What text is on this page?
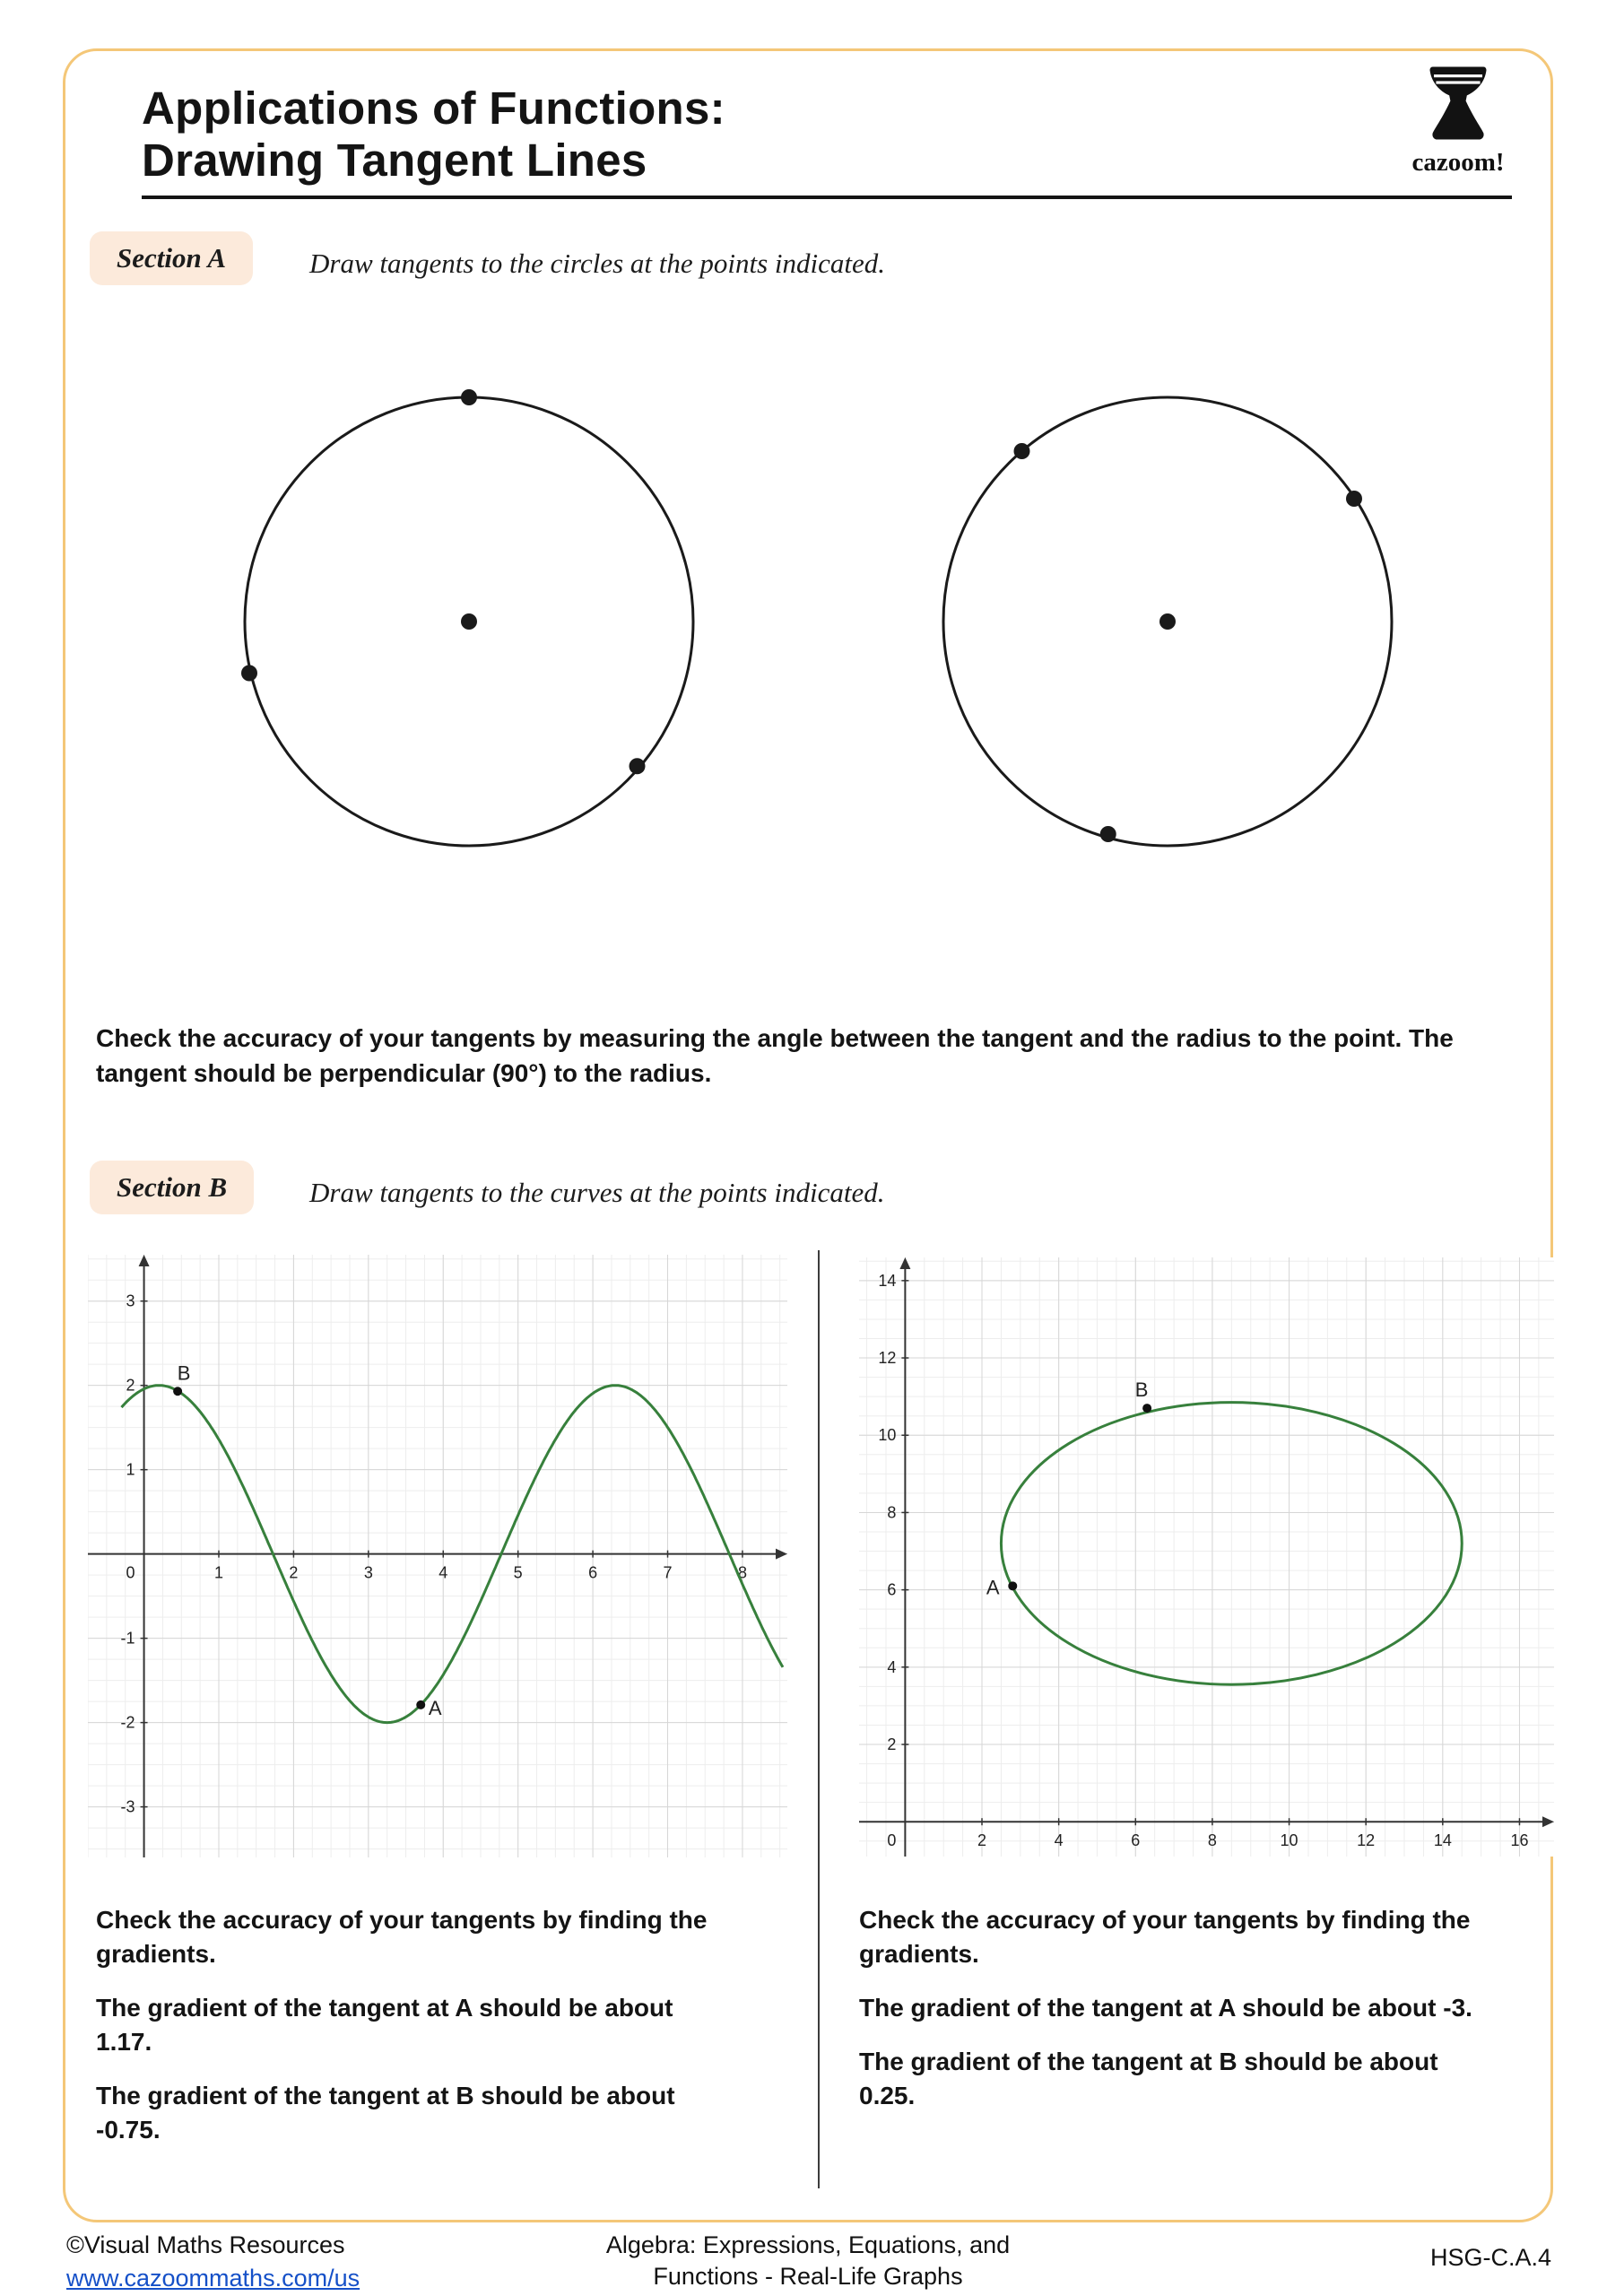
Applications of Functions:
Drawing Tangent Lines	cazoom!
Section A	Draw tangents to the circles at the points indicated.

Check the accuracy of your tangents by measuring the angle between the tangent and the radius to the point. The tangent should be perpendicular (90°) to the radius.

Section B	Draw tangents to the curves at the points indicated.
1	2	3	4	5	6	7	8
3
2
1
-1
-2
-3
0
A
B
2	4	6	8	10	12	14	16
2
4
6
8
10
12
14
0
A
B

Check the accuracy of your tangents by finding the gradients.

The gradient of the tangent at A should be about 1.17.

The gradient of the tangent at B should be about -0.75.

Check the accuracy of your tangents by finding the gradients.

The gradient of the tangent at A should be about -3.

The gradient of the tangent at B should be about 0.25.

©Visual Maths Resources
www.cazoommaths.com/us
Algebra: Expressions, Equations, and
Functions - Real-Life Graphs
HSG-C.A.4
